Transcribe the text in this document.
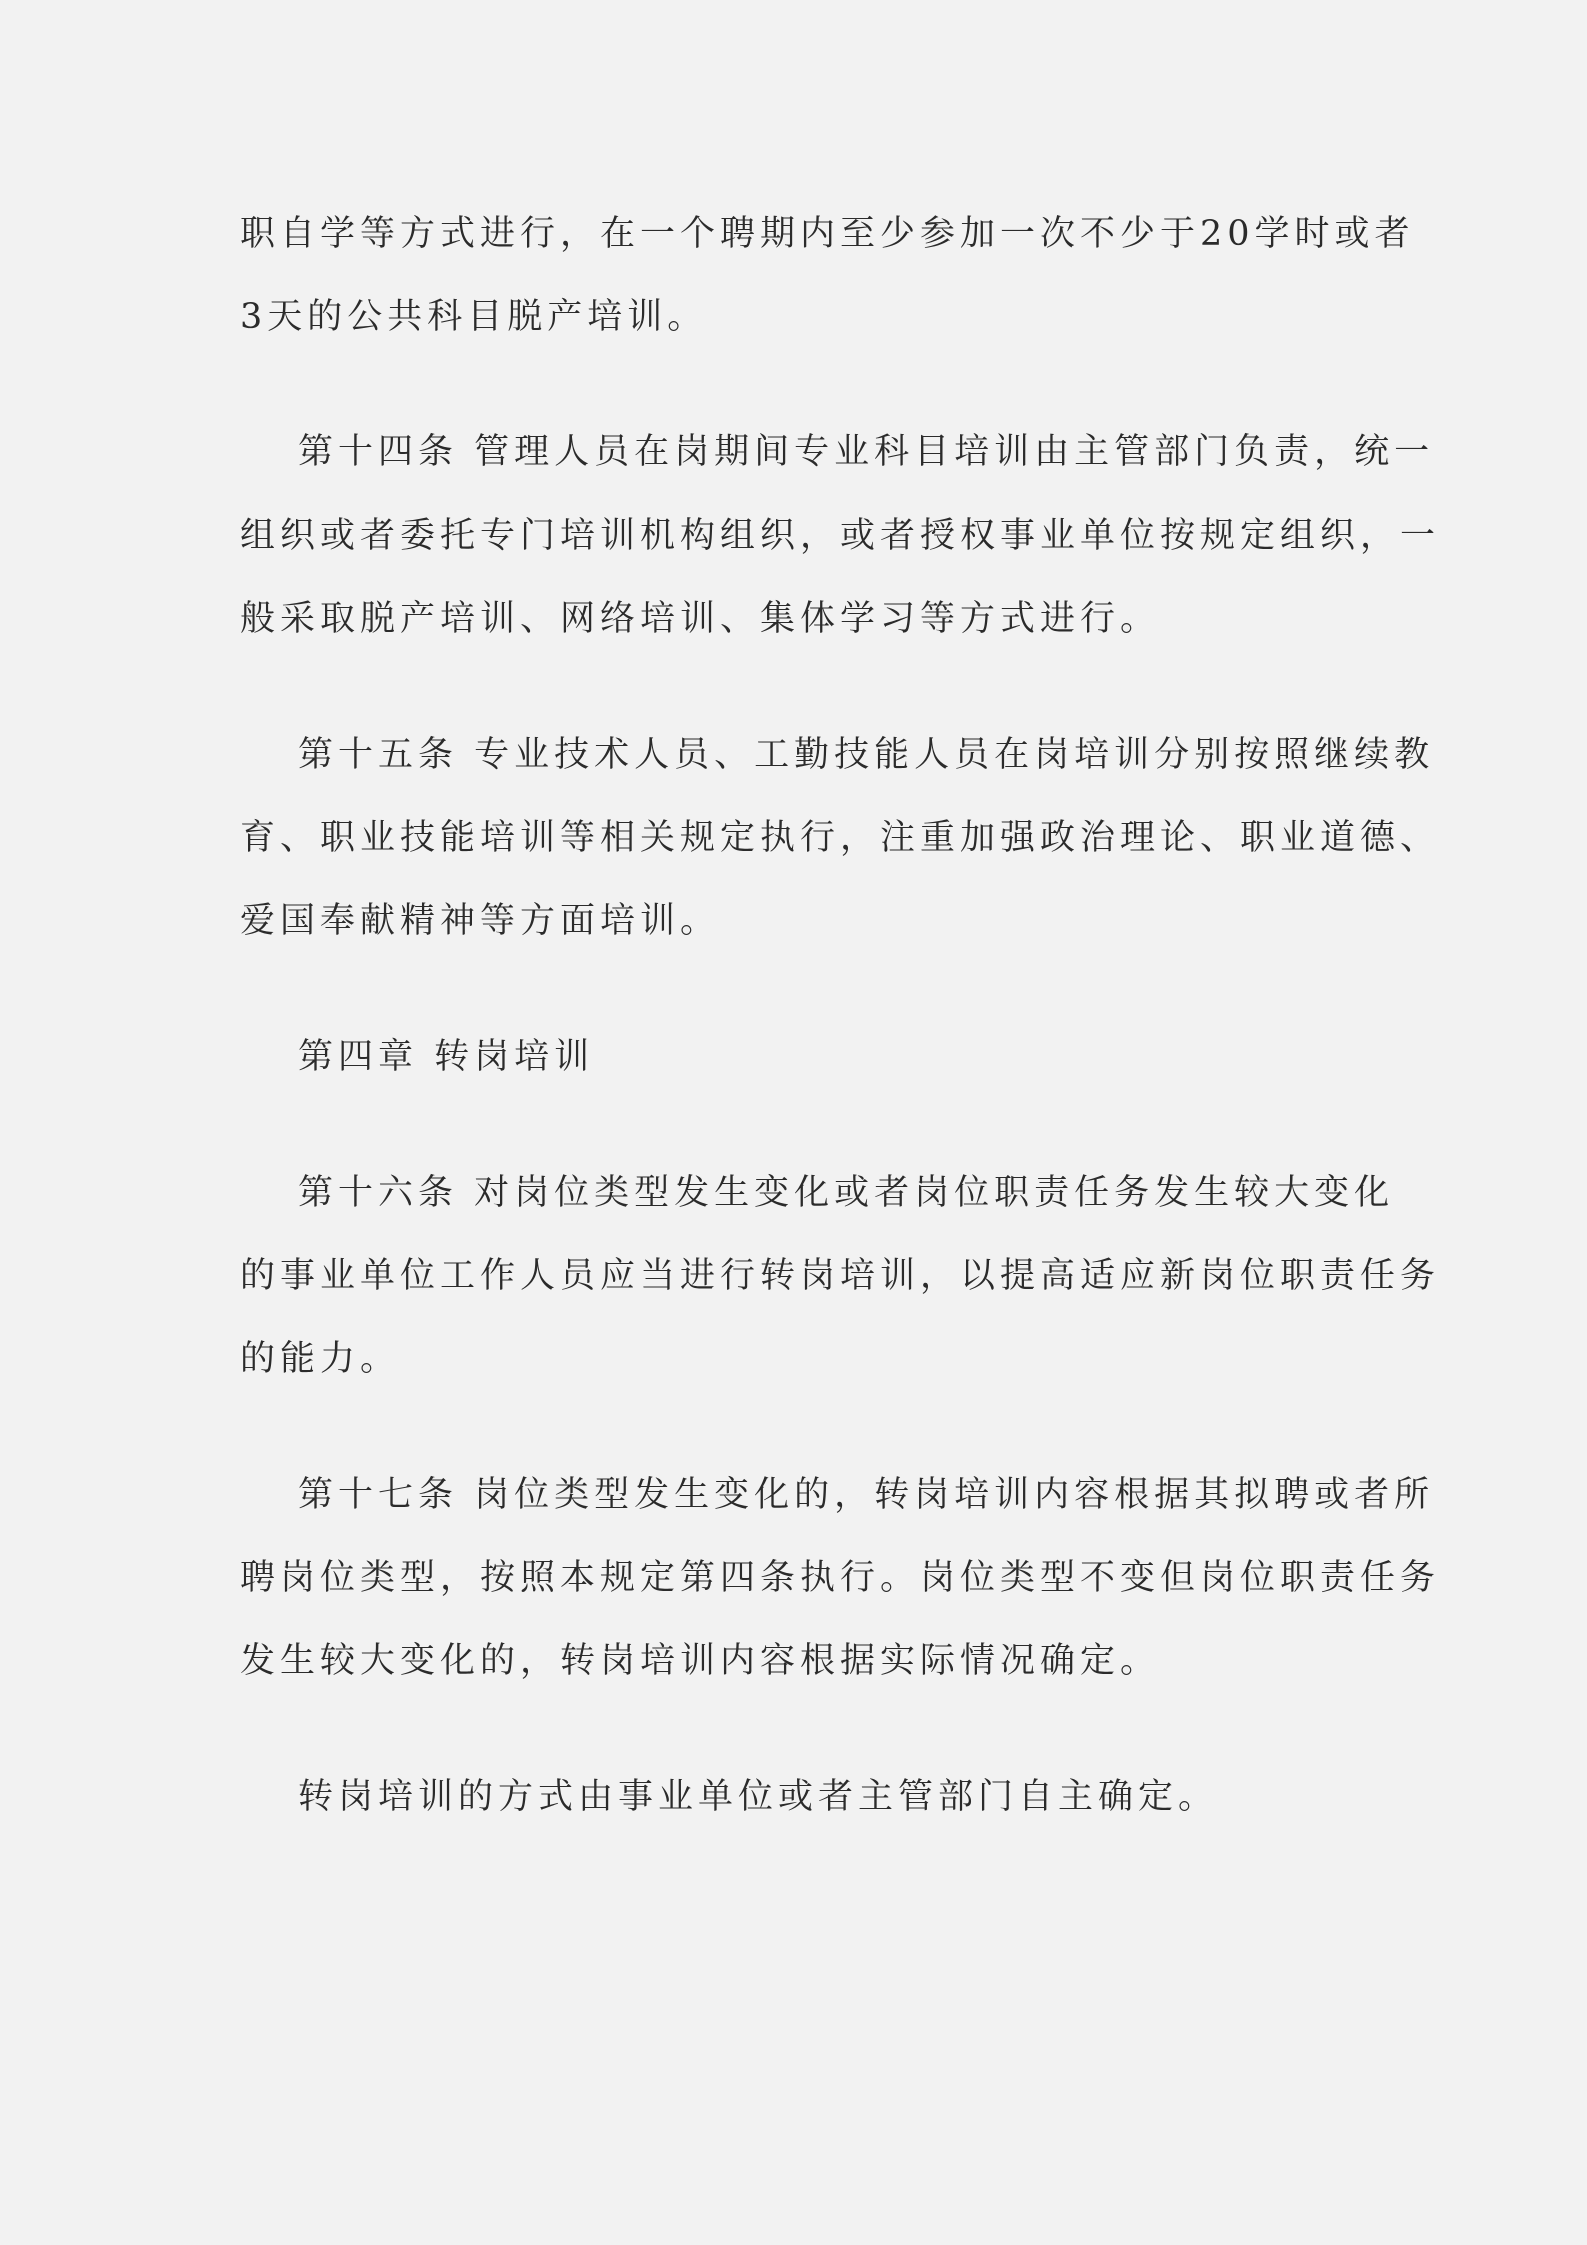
职自学等方式进行，在一个聘期内至少参加一次不少于20学时或者
3天的公共科目脱产培训。
第十四条 管理人员在岗期间专业科目培训由主管部门负责，统一
组织或者委托专门培训机构组织，或者授权事业单位按规定组织，一
般采取脱产培训、网络培训、集体学习等方式进行。
第十五条 专业技术人员、工勤技能人员在岗培训分别按照继续教
育、职业技能培训等相关规定执行，注重加强政治理论、职业道德、
爱国奉献精神等方面培训。
第四章 转岗培训
第十六条 对岗位类型发生变化或者岗位职责任务发生较大变化
的事业单位工作人员应当进行转岗培训，以提高适应新岗位职责任务
的能力。
第十七条 岗位类型发生变化的，转岗培训内容根据其拟聘或者所
聘岗位类型，按照本规定第四条执行。岗位类型不变但岗位职责任务
发生较大变化的，转岗培训内容根据实际情况确定。
转岗培训的方式由事业单位或者主管部门自主确定。
